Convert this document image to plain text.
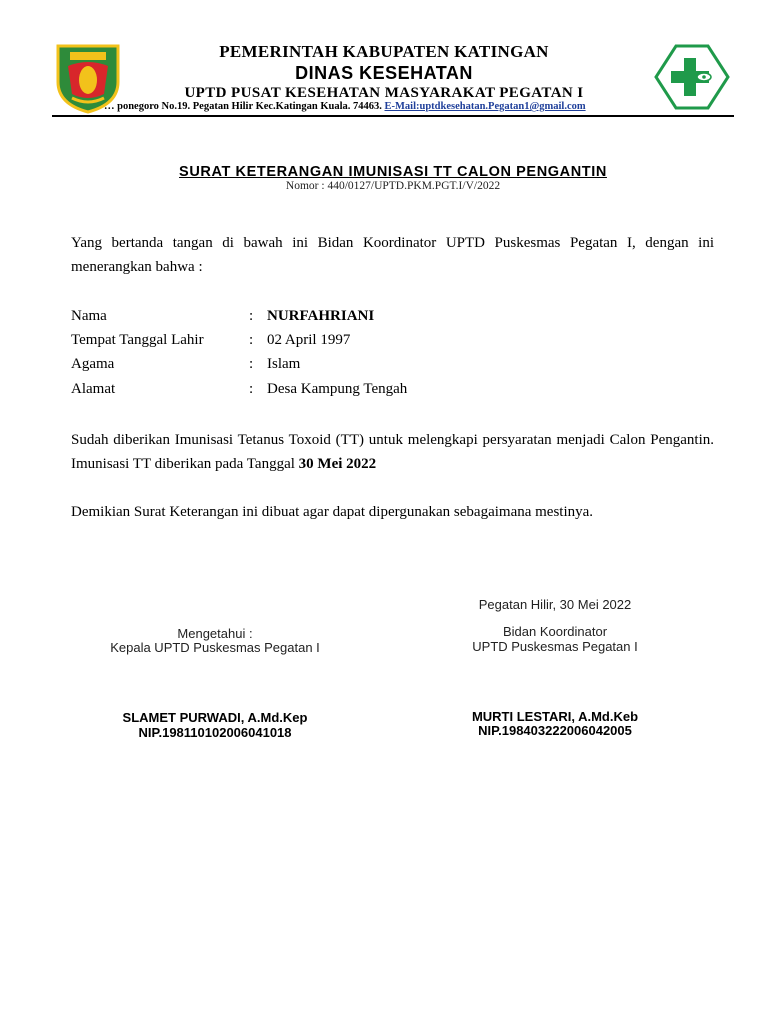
PEMERINTAH KABUPATEN KATINGAN
DINAS KESEHATAN
UPTD PUSAT KESEHATAN MASYARAKAT PEGATAN I
… ponegoro No.19. Pegatan Hilir Kec.Katingan Kuala. 74463. E-Mail:uptdkesehatan.Pegatan1@gmail.com
SURAT KETERANGAN IMUNISASI TT CALON PENGANTIN
Nomor : 440/0127/UPTD.PKM.PGT.I/V/2022
Yang bertanda tangan di bawah ini Bidan Koordinator UPTD Puskesmas Pegatan I, dengan ini menerangkan bahwa :
Nama	: NURFAHRIANI
Tempat Tanggal Lahir	: 02 April 1997
Agama	: Islam
Alamat	: Desa Kampung Tengah
Sudah diberikan Imunisasi Tetanus Toxoid (TT) untuk melengkapi persyaratan menjadi Calon Pengantin. Imunisasi TT diberikan pada Tanggal 30 Mei 2022
Demikian Surat Keterangan ini dibuat agar dapat dipergunakan sebagaimana mestinya.
Pegatan Hilir, 30 Mei 2022
Mengetahui :
Kepala UPTD Puskesmas Pegatan I
Bidan Koordinator
UPTD Puskesmas Pegatan I
SLAMET PURWADI, A.Md.Kep
NIP.198110102006041018
MURTI LESTARI, A.Md.Keb
NIP.198403222006042005
